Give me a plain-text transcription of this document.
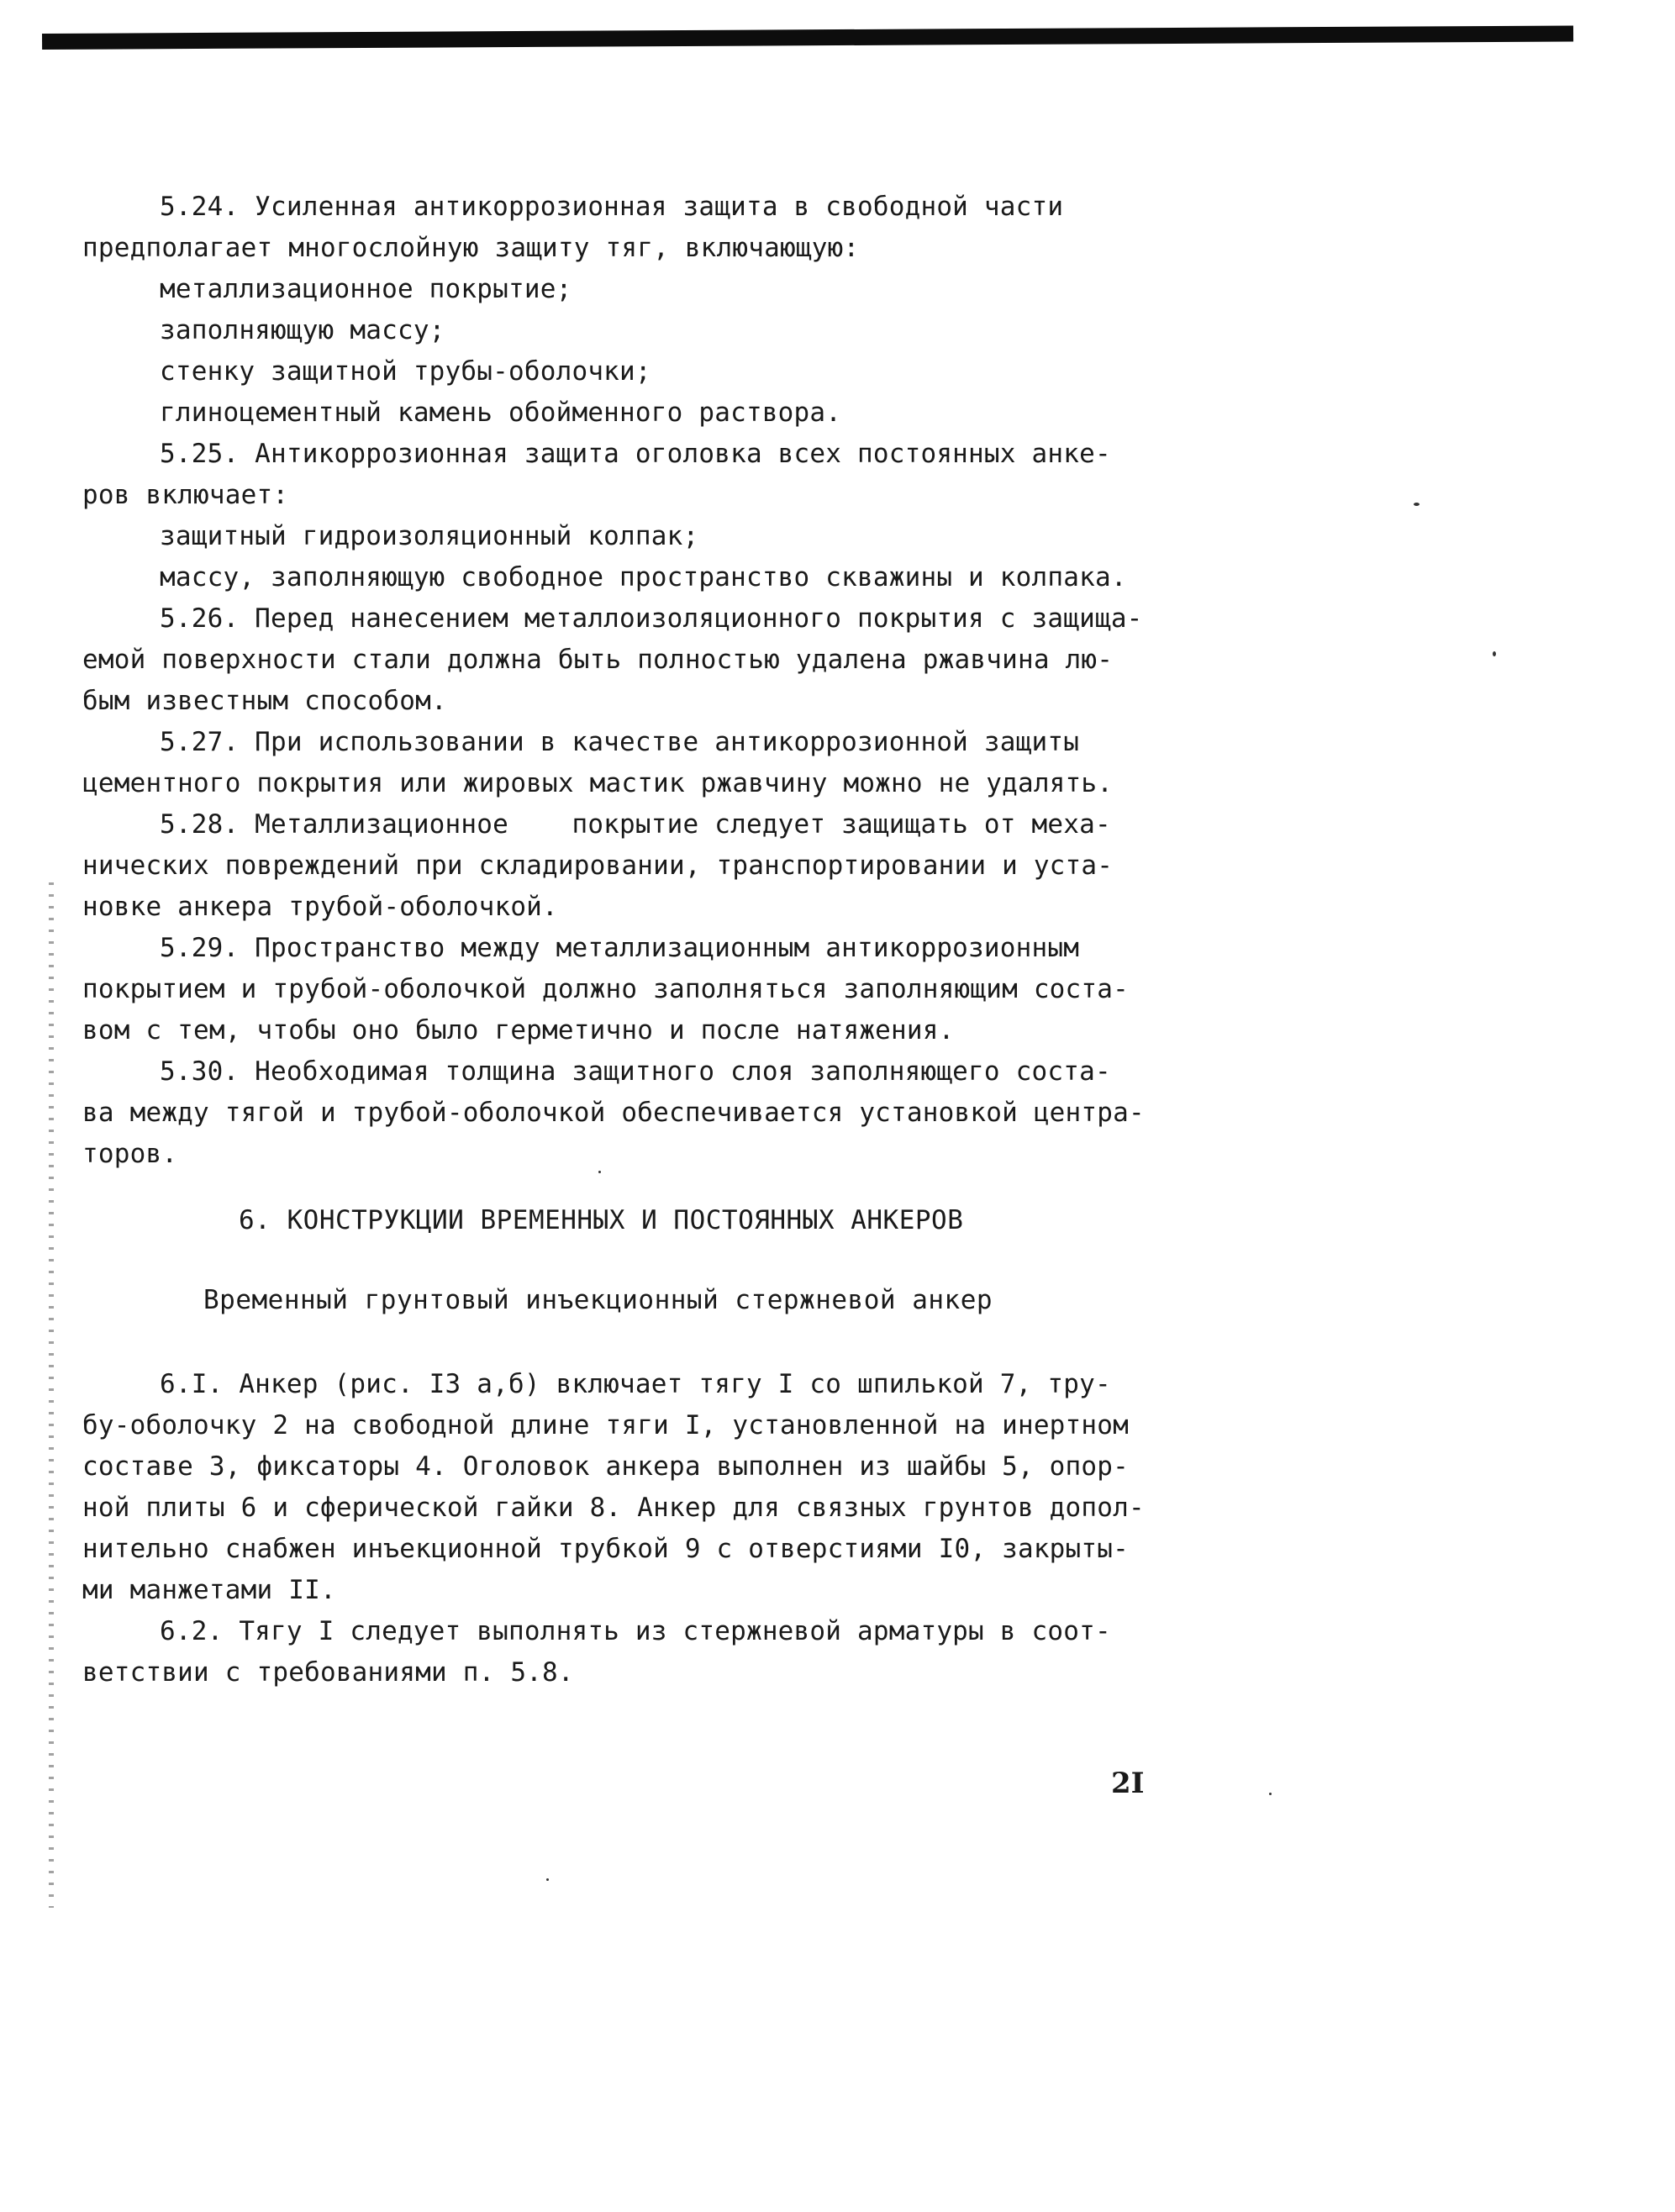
5.24. Усиленная антикоррозионная защита в свободной части
предполагает многослойную защиту тяг, включающую:
металлизационное покрытие;
заполняющую массу;
стенку защитной трубы-оболочки;
глиноцементный камень обойменного раствора.
5.25. Антикоррозионная защита оголовка всех постоянных анке-
ров включает:
защитный гидроизоляционный колпак;
массу, заполняющую свободное пространство скважины и колпака.
5.26. Перед нанесением металлоизоляционного покрытия с защища-
емой поверхности стали должна быть полностью удалена ржавчина лю-
бым известным способом.
5.27. При использовании в качестве антикоррозионной защиты
цементного покрытия или жировых мастик ржавчину можно не удалять.
5.28. Металлизационное    покрытие следует защищать от меха-
нических повреждений при складировании, транспортировании и уста-
новке анкера трубой-оболочкой.
5.29. Пространство между металлизационным антикоррозионным
покрытием и трубой-оболочкой должно заполняться заполняющим соста-
вом с тем, чтобы оно было герметично и после натяжения.
5.30. Необходимая толщина защитного слоя заполняющего соста-
ва между тягой и трубой-оболочкой обеспечивается установкой центра-
торов.
6. КОНСТРУКЦИИ ВРЕМЕННЫХ И ПОСТОЯННЫХ АНКЕРОВ
Временный грунтовый инъекционный стержневой анкер
6.I. Анкер (рис. I3 а,б) включает тягу I со шпилькой 7, тру-
бу-оболочку 2 на свободной длине тяги I, установленной на инертном
составе 3, фиксаторы 4. Оголовок анкера выполнен из шайбы 5, опор-
ной плиты 6 и сферической гайки 8. Анкер для связных грунтов допол-
нительно снабжен инъекционной трубкой 9 с отверстиями I0, закрыты-
ми манжетами II.
6.2. Тягу I следует выполнять из стержневой арматуры в соот-
ветствии с требованиями п. 5.8.
2I
